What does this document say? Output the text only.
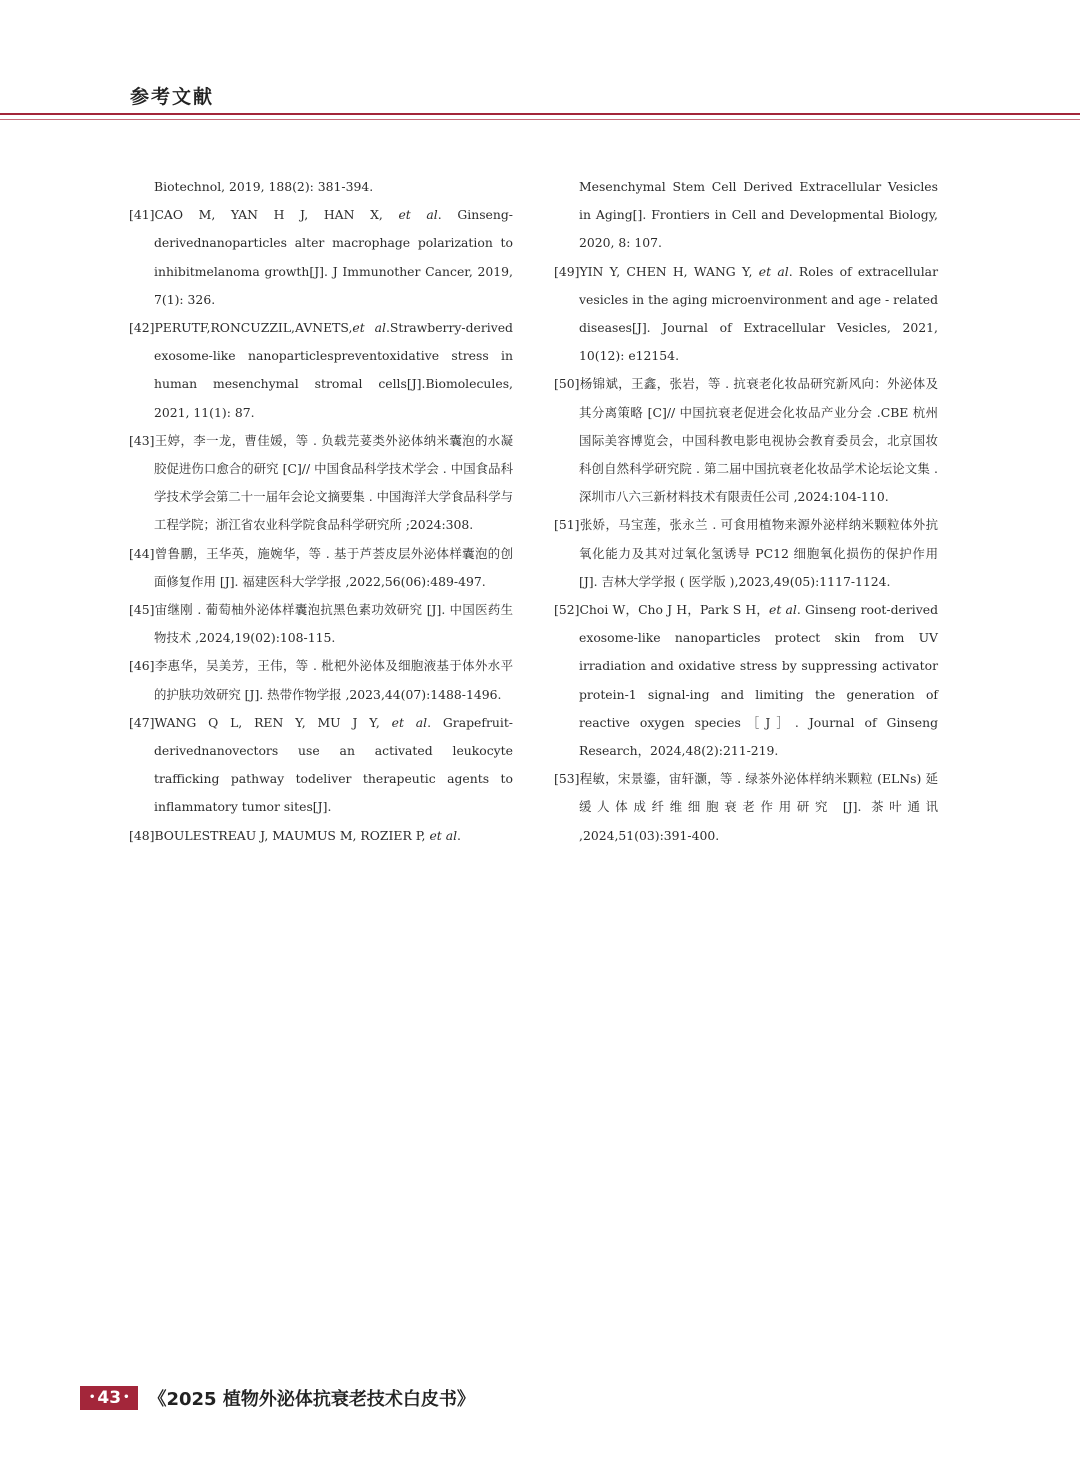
参考文献
Biotechnol, 2019, 188(2): 381-394.
[41]CAO M, YAN H J, HAN X, et al. Ginseng-derivednanoparticles alter macrophage polarization to inhibitmelanoma growth[J]. J Immunother Cancer, 2019, 7(1): 326.
[42]PERUTF,RONCUZZIL,AVNETS,et al.Strawberry-derived exosome-like nanoparticlespreventoxidative stress in human mesenchymal stromal cells[J].Biomolecules, 2021, 11(1): 87.
[43]王婷，李一龙，曹佳媛，等 . 负载芫荽类外泌体纳米囊泡的水凝胶促进伤口愈合的研究 [C]// 中国食品科学技术学会 . 中国食品科学技术学会第二十一届年会论文摘要集 . 中国海洋大学食品科学与工程学院；浙江省农业科学院食品科学研究所 ;2024:308.
[44]曾鲁鹏，王华英，施婉华，等 . 基于芦荟皮层外泌体样囊泡的创面修复作用 [J]. 福建医科大学学报 ,2022,56(06):489-497.
[45]宙继刚 . 葡萄柚外泌体样囊泡抗黑色素功效研究 [J]. 中国医药生物技术 ,2024,19(02):108-115.
[46]李惠华，吴美芳，王伟，等 . 枇杷外泌体及细胞液基于体外水平的护肤功效研究 [J]. 热带作物学报 ,2023,44(07):1488-1496.
[47]WANG Q L, REN Y, MU J Y, et al. Grapefruit-derivednanovectors use an activated leukocyte trafficking pathway todeliver therapeutic agents to inflammatory tumor sites[J].
[48]BOULESTREAU J, MAUMUS M, ROZIER P, et al.
Mesenchymal Stem Cell Derived Extracellular Vesicles in Aging[]. Frontiers in Cell and Developmental Biology, 2020, 8: 107.
[49]YIN Y, CHEN H, WANG Y, et al. Roles of extracellular vesicles in the aging microenvironment and age - related diseases[J]. Journal of Extracellular Vesicles, 2021, 10(12): e12154.
[50]杨锦斌，王鑫，张岩，等 . 抗衰老化妆品研究新风向：外泌体及其分离策略 [C]// 中国抗衰老促进会化妆品产业分会 .CBE 杭州国际美容博览会，中国科教电影电视协会教育委员会，北京国妆科创自然科学研究院 . 第二届中国抗衰老化妆品学术论坛论文集 . 深圳市八六三新材料技术有限责任公司 ,2024:104-110.
[51]张娇，马宝莲，张永兰 . 可食用植物来源外泌样纳米颗粒体外抗氧化能力及其对过氧化氢诱导 PC12 细胞氧化损伤的保护作用 [J]. 吉林大学学报 ( 医学版 ),2023,49(05):1117-1124.
[52]Choi W，Cho J H，Park S H，et al. Ginseng root-derived exosome-like nanoparticles protect skin from UV irradiation and oxidative stress by suppressing activator protein-1 signal-ing and limiting the generation of reactive oxygen species［J］. Journal of Ginseng Research，2024,48(2):211-219.
[53]程敏，宋景鎏，宙轩灏，等 . 绿茶外泌体样纳米颗粒 (ELNs) 延缓人体成纤维细胞衰老作用研究 [J]. 茶叶通讯 ,2024,51(03):391-400.
• 43 • 《2025 植物外泌体抗衰老技术白皮书》
